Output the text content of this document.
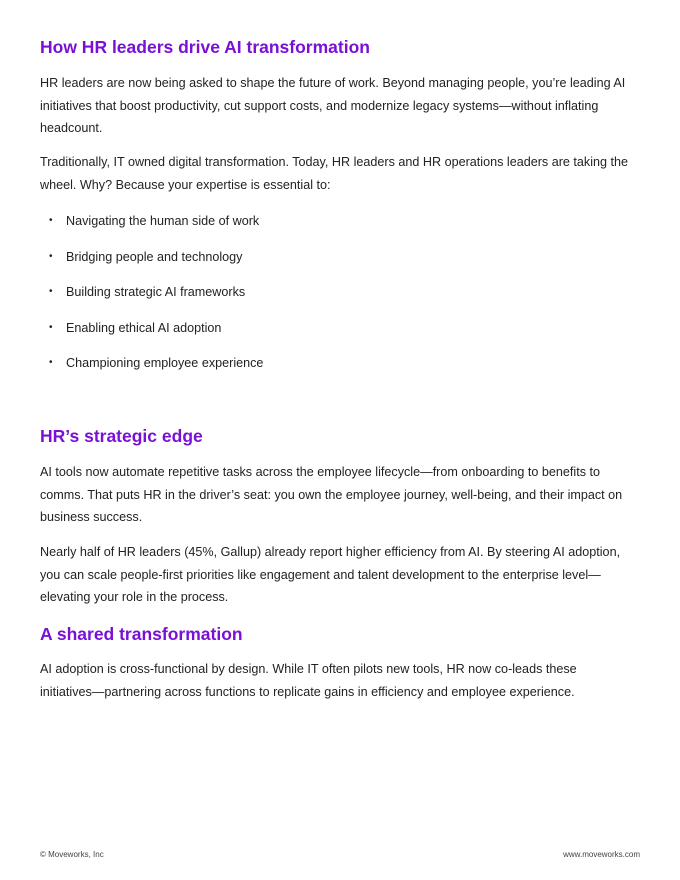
How HR leaders drive AI transformation

HR leaders are now being asked to shape the future of work. Beyond managing people, you’re leading AI initiatives that boost productivity, cut support costs, and modernize legacy systems—without inflating headcount.

Traditionally, IT owned digital transformation. Today, HR leaders and HR operations leaders are taking the wheel. Why? Because your expertise is essential to:

• Navigating the human side of work
• Bridging people and technology
• Building strategic AI frameworks
• Enabling ethical AI adoption
• Championing employee experience
HR’s strategic edge

AI tools now automate repetitive tasks across the employee lifecycle—from onboarding to benefits to comms. That puts HR in the driver’s seat: you own the employee journey, well-being, and their impact on business success.

Nearly half of HR leaders (45%, Gallup) already report higher efficiency from AI. By steering AI adoption, you can scale people-first priorities like engagement and talent development to the enterprise level—elevating your role in the process.

A shared transformation

AI adoption is cross-functional by design. While IT often pilots new tools, HR now co-leads these initiatives—partnering across functions to replicate gains in efficiency and employee experience.

© Moveworks, Inc	www.moveworks.com
